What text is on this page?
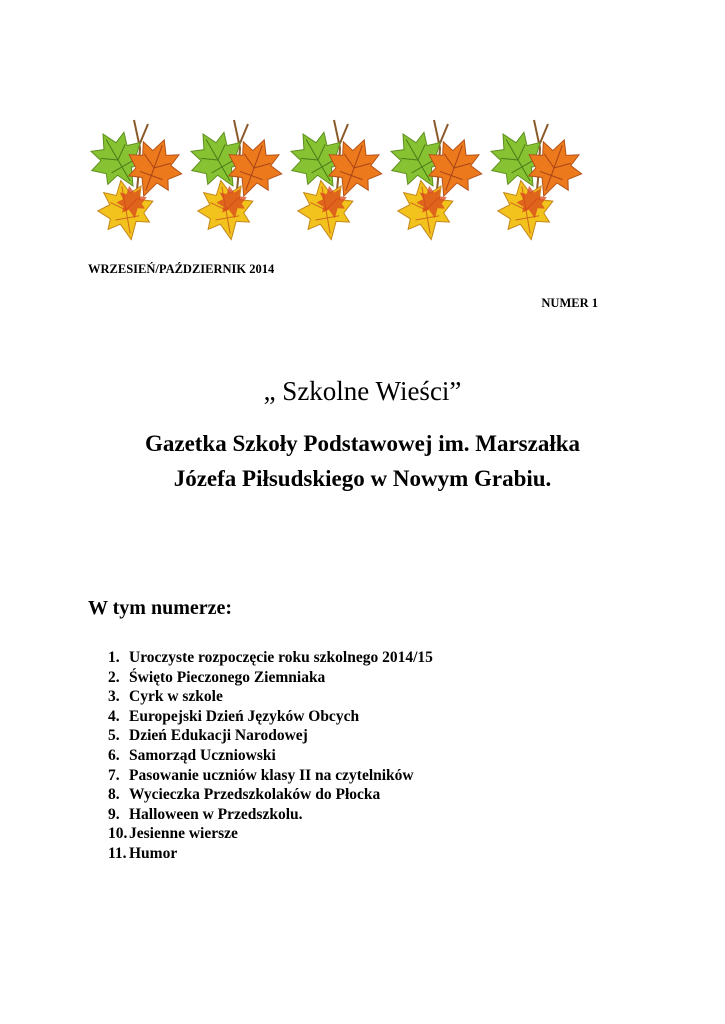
WRZESIEŃ/PAŹDZIERNIK 2014
NUMER 1
„ Szkolne Wieści”
Gazetka Szkoły Podstawowej im. Marszałka
Józefa Piłsudskiego w Nowym Grabiu.
W tym numerze:
1. Uroczyste rozpoczęcie roku szkolnego 2014/15
2. Święto Pieczonego Ziemniaka
3. Cyrk w szkole
4. Europejski Dzień Języków Obcych
5. Dzień Edukacji Narodowej
6. Samorząd Uczniowski
7. Pasowanie uczniów klasy II na czytelników
8. Wycieczka Przedszkolaków do Płocka
9. Halloween w Przedszkolu.
10. Jesienne wiersze
11. Humor
